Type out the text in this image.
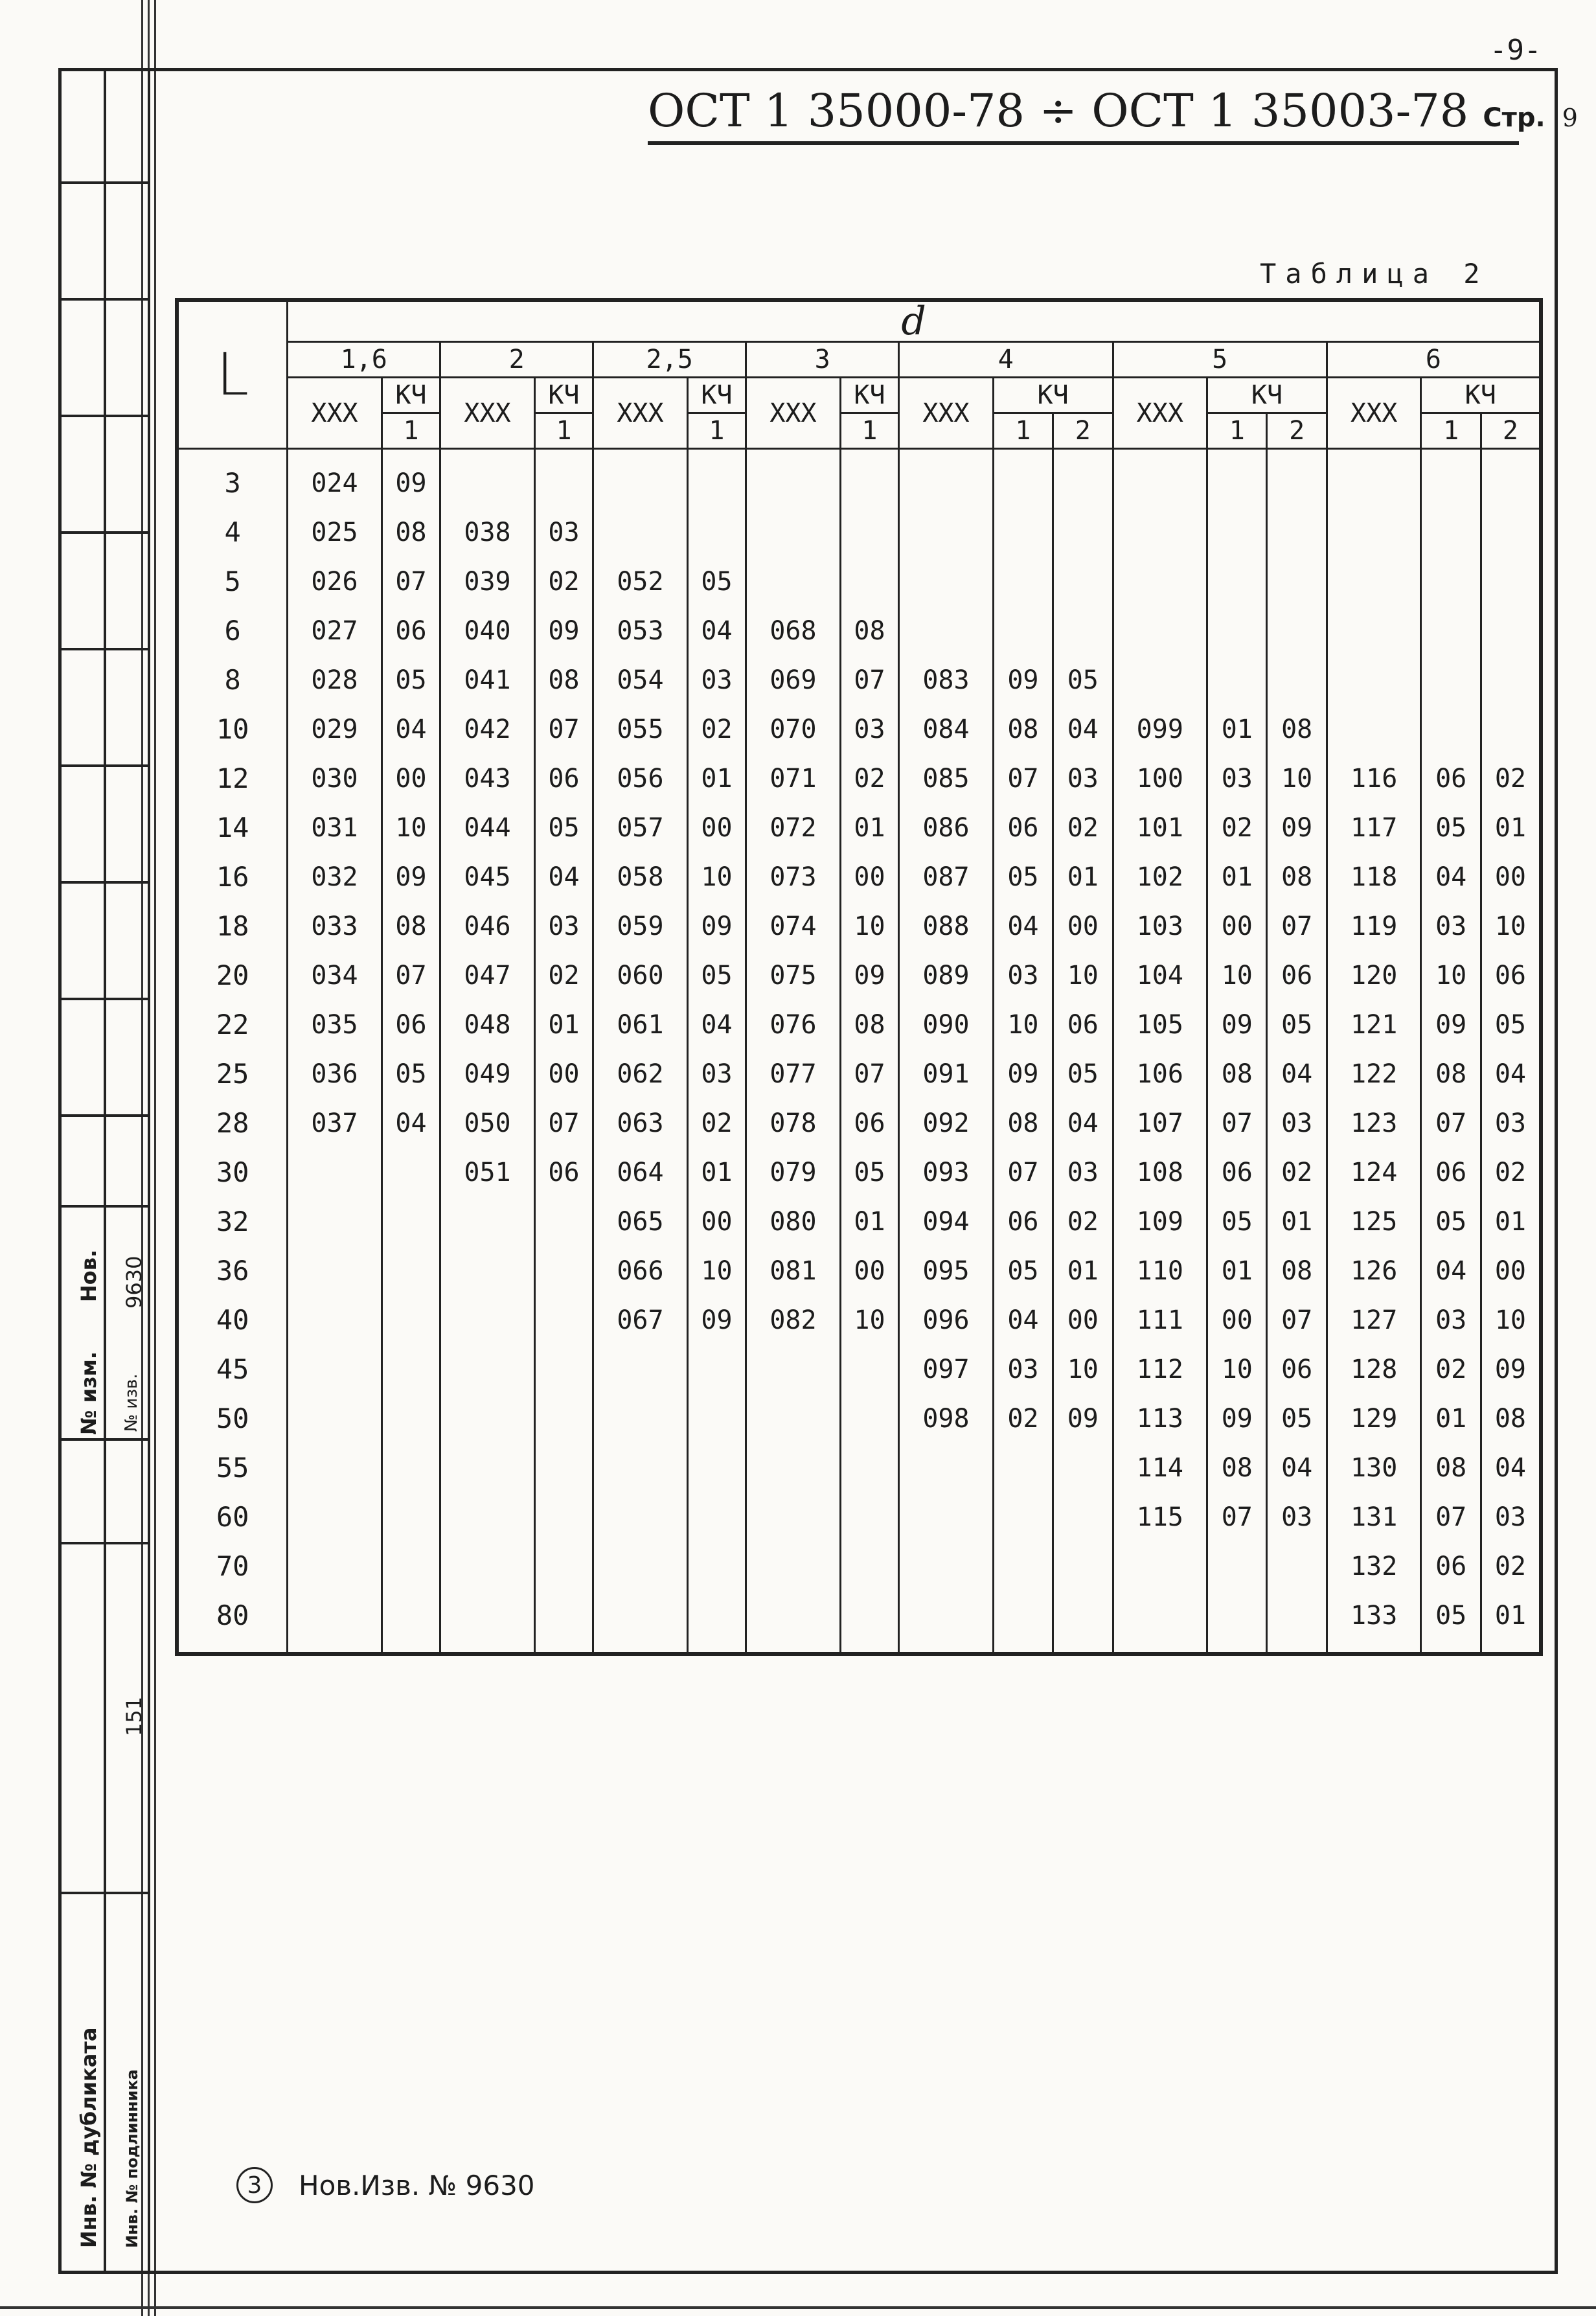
-9-
Нов. 9630
№ изм. № изв.
151
Инв. № дубликата Инв. № подлинника
ОСТ 1 35000-78 ÷ ОСТ 1 35003-78 Стр. 9
Таблица 2
L	d																
	1,6		2		2,5		3		4			5			6		
	XXX	КЧ	XXX	КЧ	XXX	КЧ	XXX	КЧ	XXX	КЧ		XXX	КЧ		XXX	КЧ	
		1		1		1		1		1	2		1	2		1	2
3	024	09															
4	025	08	038	03													
5	026	07	039	02	052	05											
6	027	06	040	09	053	04	068	08									
8	028	05	041	08	054	03	069	07	083	09	05						
10	029	04	042	07	055	02	070	03	084	08	04	099	01	08			
12	030	00	043	06	056	01	071	02	085	07	03	100	03	10	116	06	02
14	031	10	044	05	057	00	072	01	086	06	02	101	02	09	117	05	01
16	032	09	045	04	058	10	073	00	087	05	01	102	01	08	118	04	00
18	033	08	046	03	059	09	074	10	088	04	00	103	00	07	119	03	10
20	034	07	047	02	060	05	075	09	089	03	10	104	10	06	120	10	06
22	035	06	048	01	061	04	076	08	090	10	06	105	09	05	121	09	05
25	036	05	049	00	062	03	077	07	091	09	05	106	08	04	122	08	04
28	037	04	050	07	063	02	078	06	092	08	04	107	07	03	123	07	03
30			051	06	064	01	079	05	093	07	03	108	06	02	124	06	02
32					065	00	080	01	094	06	02	109	05	01	125	05	01
36					066	10	081	00	095	05	01	110	01	08	126	04	00
40					067	09	082	10	096	04	00	111	00	07	127	03	10
45									097	03	10	112	10	06	128	02	09
50									098	02	09	113	09	05	129	01	08
55												114	08	04	130	08	04
60												115	07	03	131	07	03
70															132	06	02
80															133	05	01
3	Нов.Изв. № 9630
